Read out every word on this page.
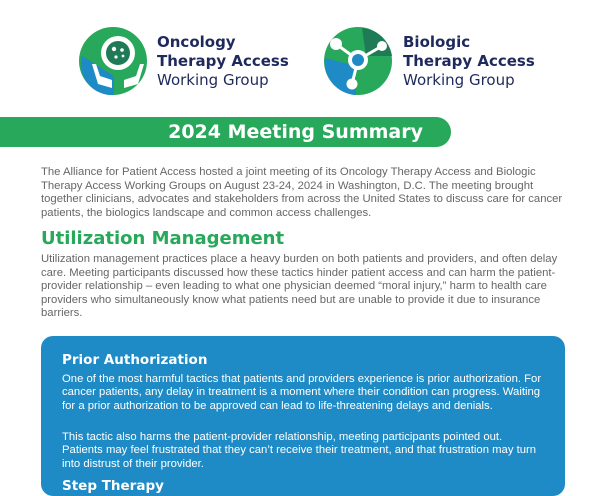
Oncology
Therapy Access
Working Group
Biologic
Therapy Access
Working Group
2024 Meeting Summary

The Alliance for Patient Access hosted a joint meeting of its Oncology Therapy Access and Biologic Therapy Access Working Groups on August 23-24, 2024 in Washington, D.C. The meeting brought together clinicians, advocates and stakeholders from across the United States to discuss care for cancer patients, the biologics landscape and common access challenges.

Utilization Management

Utilization management practices place a heavy burden on both patients and providers, and often delay care. Meeting participants discussed how these tactics hinder patient access and can harm the patient-provider relationship – even leading to what one physician deemed “moral injury,” harm to health care providers who simultaneously know what patients need but are unable to provide it due to insurance barriers.

Prior Authorization

One of the most harmful tactics that patients and providers experience is prior authorization. For cancer patients, any delay in treatment is a moment where their condition can progress. Waiting for a prior authorization to be approved can lead to life-threatening delays and denials.

This tactic also harms the patient-provider relationship, meeting participants pointed out. Patients may feel frustrated that they can’t receive their treatment, and that frustration may turn into distrust of their provider.

Step Therapy
